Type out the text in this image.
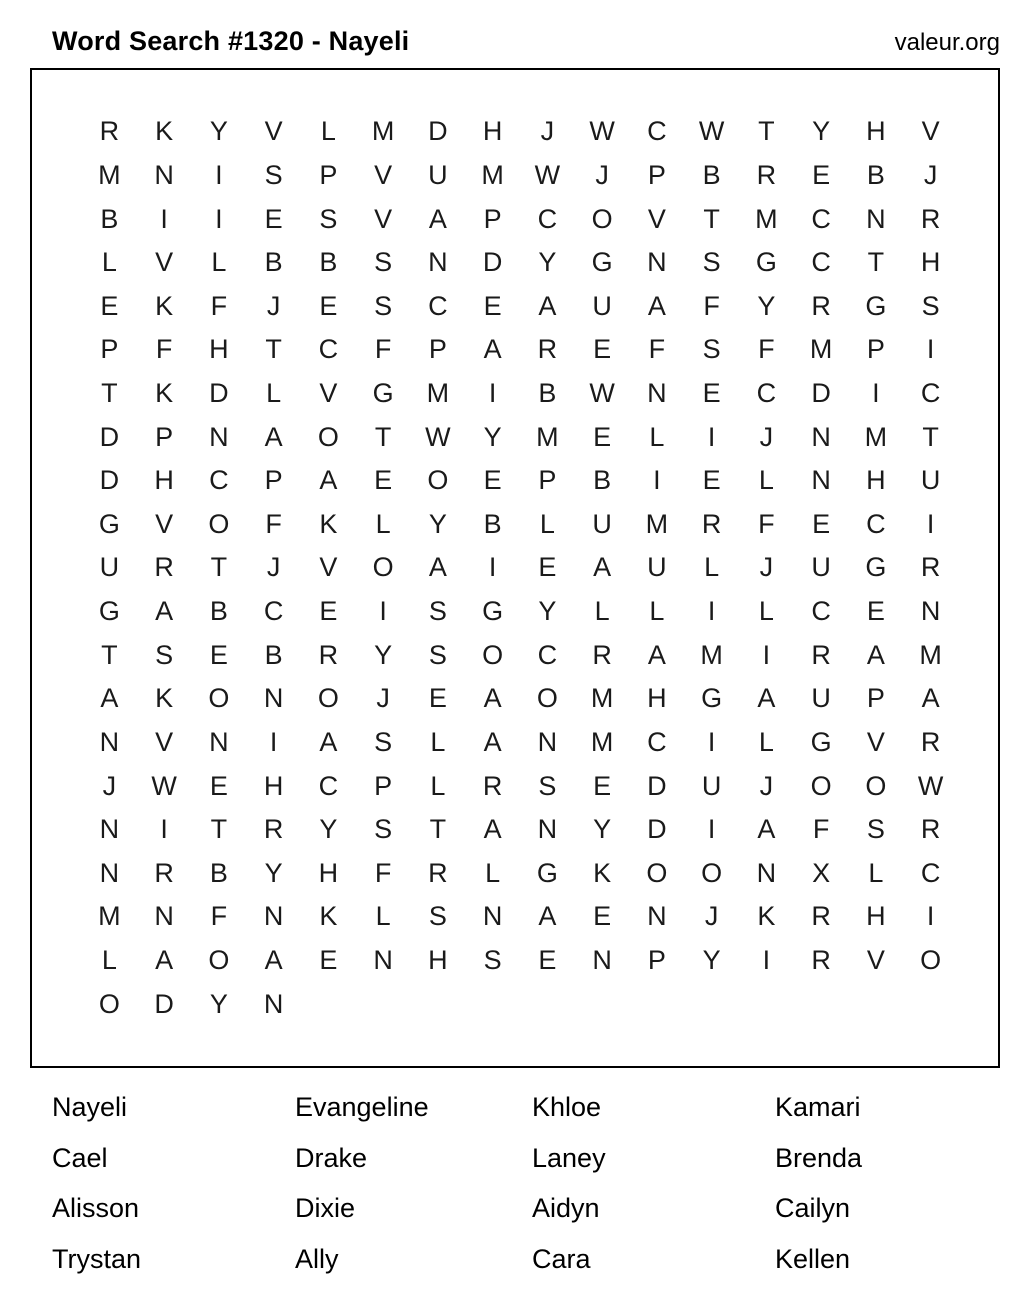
Word Search #1320 - Nayeli	valeur.org
R K Y V L M D H J W C W T Y H V
M N I S P V U M W J P B R E B J
B I I E S V A P C O V T M C N R
L V L B B S N D Y G N S G C T H
E K F J E S C E A U A F Y R G S
P F H T C F P A R E F S F M P I
T K D L V G M I B W N E C D I C
D P N A O T W Y M E L I J N M T
D H C P A E O E P B I E L N H U
G V O F K L Y B L U M R F E C I
U R T J V O A I E A U L J U G R
G A B C E I S G Y L L I L C E N
T S E B R Y S O C R A M I R A M
A K O N O J E A O M H G A U P A
N V N I A S L A N M C I L G V R
J W E H C P L R S E D U J O O W
N I T R Y S T A N Y D I A F S R
N R B Y H F R L G K O O N X L C
M N F N K L S N A E N J K R H I
L A O A E N H S E N P Y I R V O
O D Y N
Nayeli	Evangeline	Khloe	Kamari
Cael	Drake	Laney	Brenda
Alisson	Dixie	Aidyn	Cailyn
Trystan	Ally	Cara	Kellen
